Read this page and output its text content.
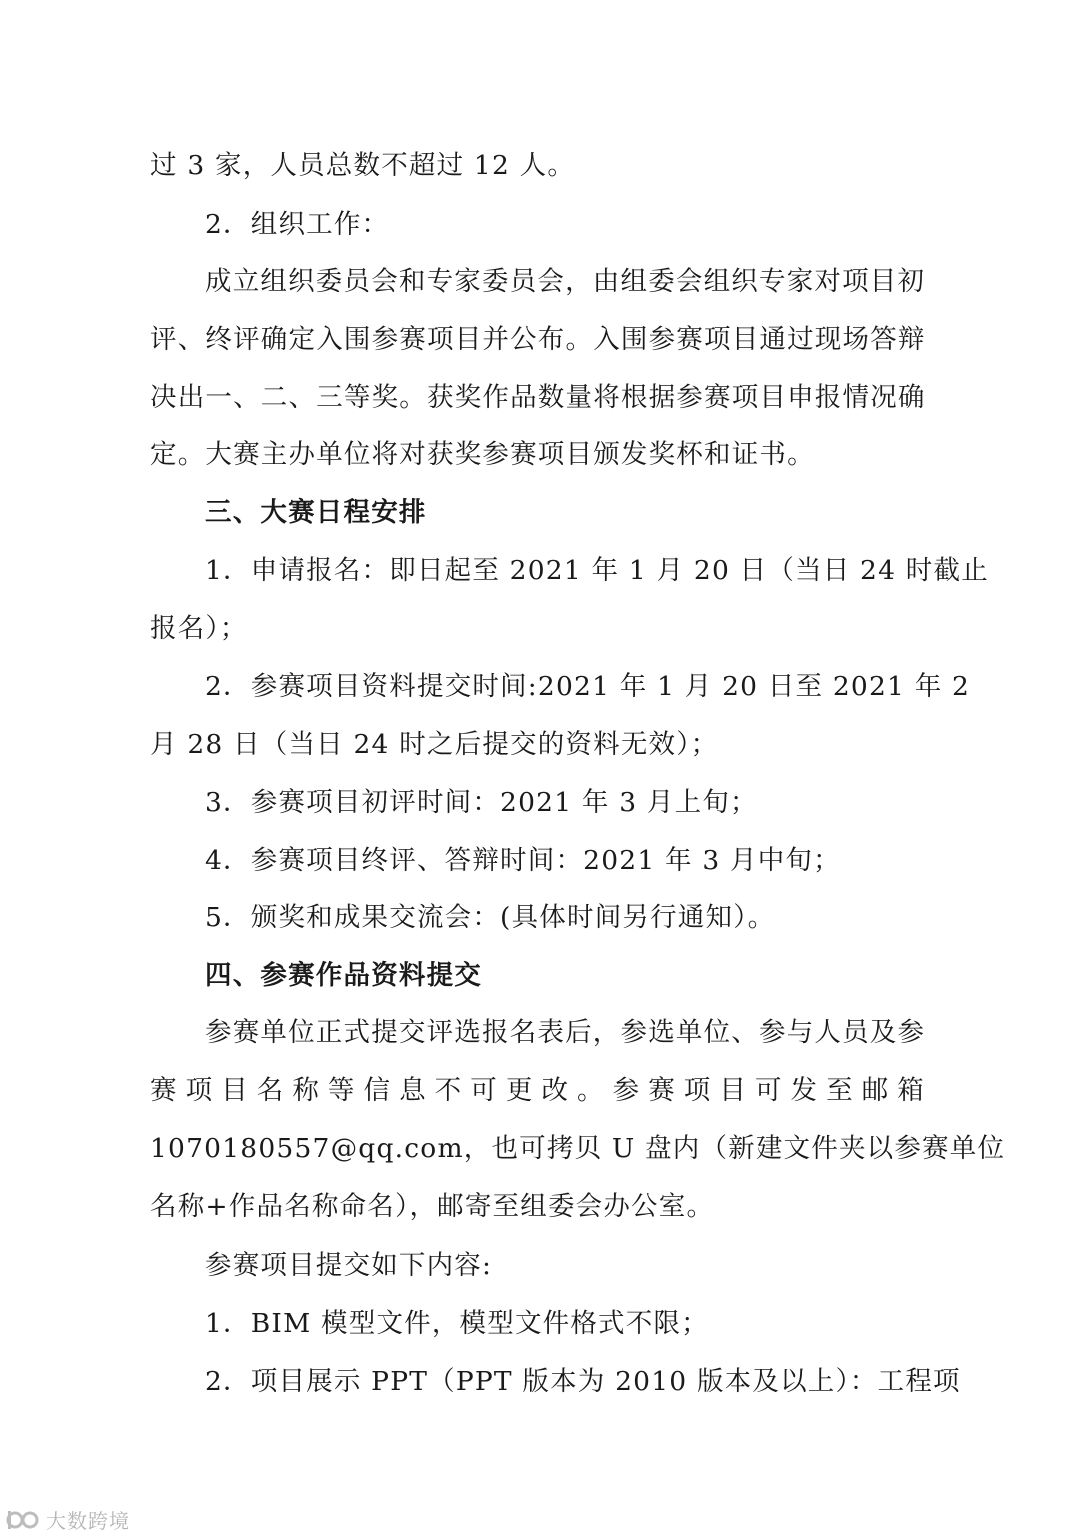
过 3 家，人员总数不超过 12 人。
2．组织工作：
成立组织委员会和专家委员会，由组委会组织专家对项目初
评、终评确定入围参赛项目并公布。入围参赛项目通过现场答辩
决出一、二、三等奖。获奖作品数量将根据参赛项目申报情况确
定。大赛主办单位将对获奖参赛项目颁发奖杯和证书。
三、大赛日程安排
1．申请报名：即日起至 2021 年 1 月 20 日（当日 24 时截止
报名）；
2．参赛项目资料提交时间:2021 年 1 月 20 日至 2021 年 2
月 28 日（当日 24 时之后提交的资料无效）；
3．参赛项目初评时间：2021 年 3 月上旬；
4．参赛项目终评、答辩时间：2021 年 3 月中旬；
5．颁奖和成果交流会：(具体时间另行通知）。
四、参赛作品资料提交
参赛单位正式提交评选报名表后，参选单位、参与人员及参
赛项目名称等信息不可更改。参赛项目可发至邮箱
1070180557@qq.com，也可拷贝 U 盘内（新建文件夹以参赛单位
名称+作品名称命名），邮寄至组委会办公室。
参赛项目提交如下内容:
1．BIM 模型文件，模型文件格式不限；
2．项目展示 PPT（PPT 版本为 2010 版本及以上）：工程项
大数跨境
